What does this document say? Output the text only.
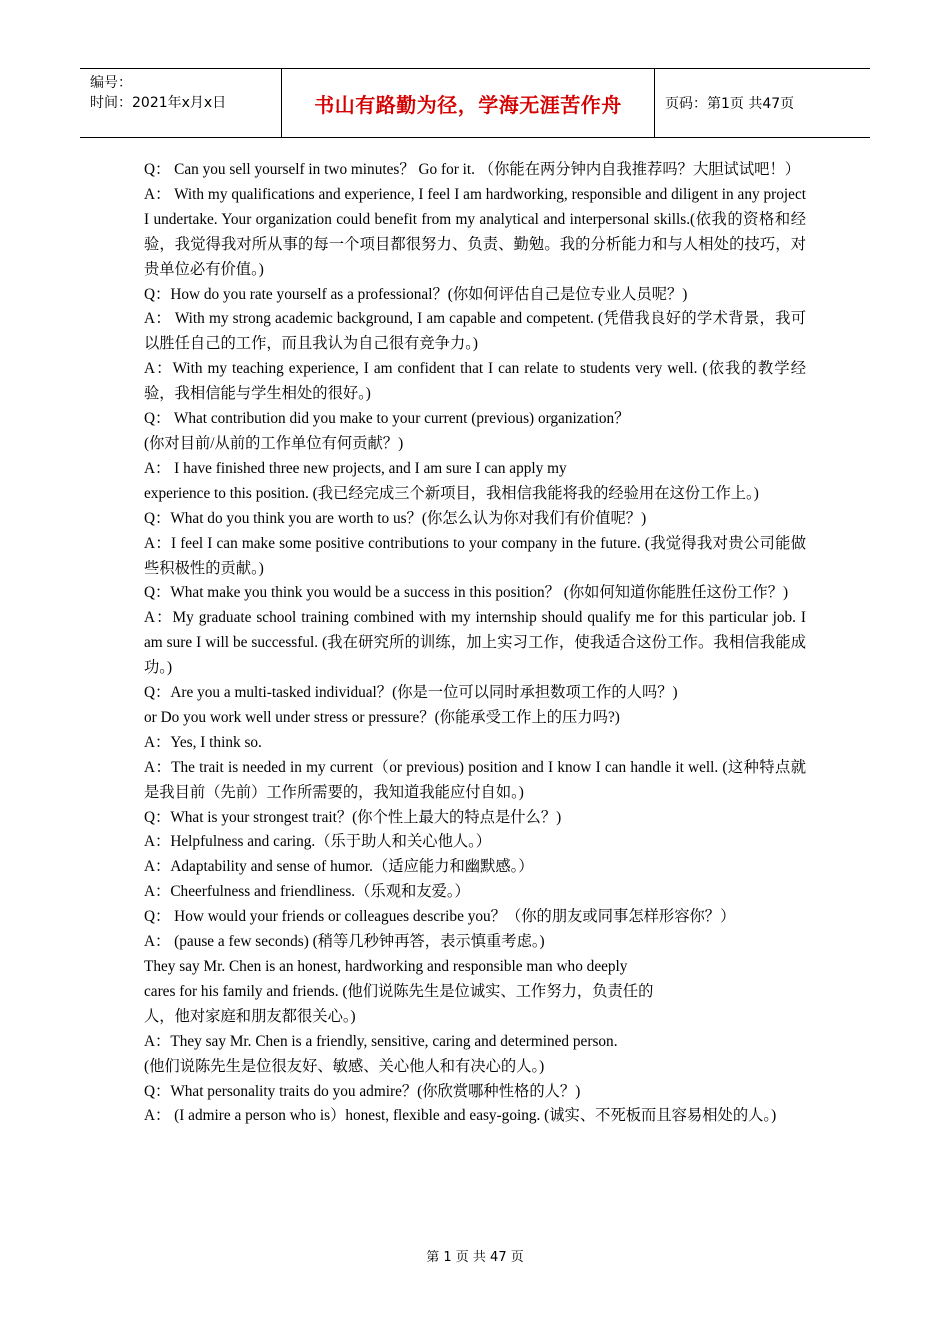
编号：
时间：2021年x月x日	书山有路勤为径，学海无涯苦作舟	页码：第1页 共47页

Q： Can you sell yourself in two minutes？ Go for it. （你能在两分钟内自我推荐吗？大胆试试吧！）

A： With my qualifications and experience, I feel I am hardworking, responsible and diligent in any project I undertake. Your organization could benefit from my analytical and interpersonal skills.(依我的资格和经验，我觉得我对所从事的每一个项目都很努力、负责、勤勉。我的分析能力和与人相处的技巧，对贵单位必有价值。)

Q：How do you rate yourself as a professional？(你如何评估自己是位专业人员呢？)

A： With my strong academic background, I am capable and competent. (凭借我良好的学术背景，我可以胜任自己的工作，而且我认为自己很有竞争力。)

A：With my teaching experience, I am confident that I can relate to students very well. (依我的教学经验，我相信能与学生相处的很好。)

Q： What contribution did you make to your current (previous) organization？

(你对目前/从前的工作单位有何贡献？)

A： I have finished three new projects, and I am sure I can apply my

experience to this position. (我已经完成三个新项目，我相信我能将我的经验用在这份工作上。)

Q：What do you think you are worth to us？(你怎么认为你对我们有价值呢？)

A：I feel I can make some positive contributions to your company in the future. (我觉得我对贵公司能做些积极性的贡献。)

Q：What make you think you would be a success in this position？ (你如何知道你能胜任这份工作？)

A：My graduate school training combined with my internship should qualify me for this particular job. I am sure I will be successful. (我在研究所的训练，加上实习工作，使我适合这份工作。我相信我能成功。)

Q：Are you a multi-tasked individual？(你是一位可以同时承担数项工作的人吗？)

or Do you work well under stress or pressure？(你能承受工作上的压力吗?)

A：Yes, I think so.

A：The trait is needed in my current（or previous) position and I know I can handle it well. (这种特点就是我目前（先前）工作所需要的，我知道我能应付自如。)

Q：What is your strongest trait？(你个性上最大的特点是什么？)

A：Helpfulness and caring.（乐于助人和关心他人。）

A：Adaptability and sense of humor.（适应能力和幽默感。）

A：Cheerfulness and friendliness.（乐观和友爱。）

Q： How would your friends or colleagues describe you？（你的朋友或同事怎样形容你？）

A： (pause a few seconds) (稍等几秒钟再答，表示慎重考虑。)

They say Mr. Chen is an honest, hardworking and responsible man who deeply

cares for his family and friends. (他们说陈先生是位诚实、工作努力，负责任的

人，他对家庭和朋友都很关心。)

A：They say Mr. Chen is a friendly, sensitive, caring and determined person.

(他们说陈先生是位很友好、敏感、关心他人和有决心的人。)

Q：What personality traits do you admire？(你欣赏哪种性格的人？)

A： (I admire a person who is）honest, flexible and easy-going. (诚实、不死板而且容易相处的人。)

第 1 页 共 47 页
